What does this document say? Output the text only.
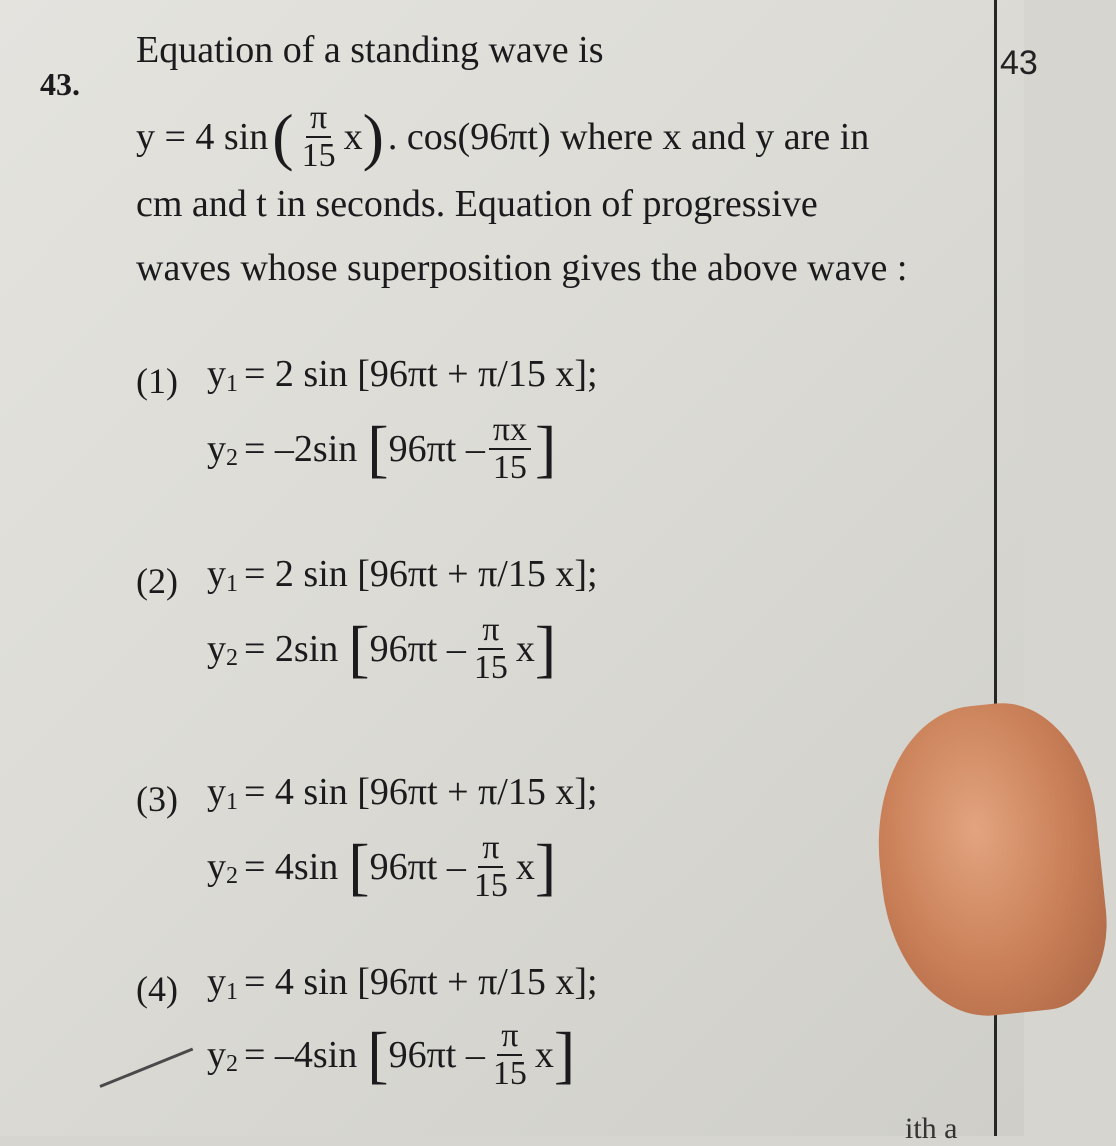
43
43.
Equation of a standing wave is
y = 4 sin ( $\frac{\pi}{15}$ x ) . cos(96πt) where x and y are in
cm and t in seconds. Equation of progressive
waves whose superposition gives the above wave :
(1) y 1 = 2 sin [96πt + π/15 x];
y 2 = –2sin [ $96\pi t - \frac{\pi x}{15}$ ]
(2) y 1 = 2 sin [96πt + π/15 x];
y 2 = 2sin [ $96\pi t - \frac{\pi}{15}$ x ]
(3) y 1 = 4 sin [96πt + π/15 x];
y 2 = 4sin [ $96\pi t - \frac{\pi}{15}$ x ]
(4) y 1 = 4 sin [96πt + π/15 x];
y 2 = –4sin [ $96\pi t - \frac{\pi}{15}$ x ]
ith a
